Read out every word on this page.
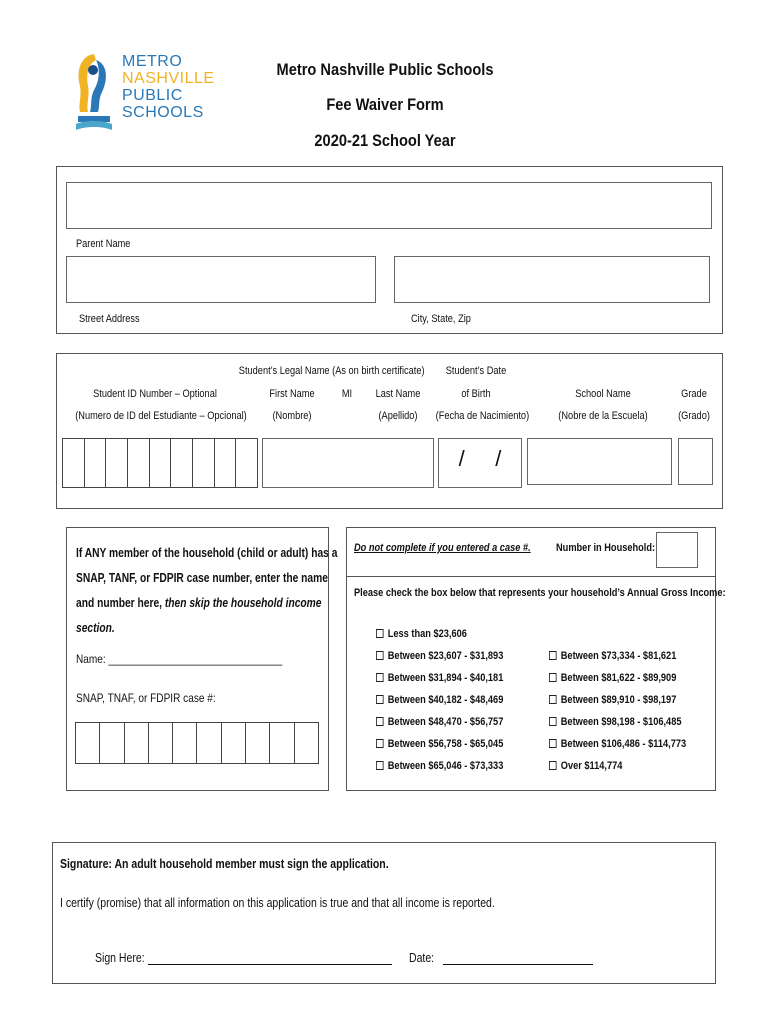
METRO
NASHVILLE
PUBLIC
SCHOOLS
Metro Nashville Public Schools
Fee Waiver Form
2020-21 School Year
Parent Name
Street Address	City, State, Zip
Student’s Legal Name (As on birth certificate)	Student’s Date
Student ID Number – Optional
(Numero de ID del Estudiante – Opcional)
First Name
(Nombre)
MI	Last Name
(Apellido)
of Birth
(Fecha de Nacimiento)
School Name
(Nobre de la Escuela)
Grade
(Grado)
/     /
If ANY member of the household (child or adult) has a
SNAP, TANF, or FDPIR case number, enter the name
and number here, then skip the household income
section.
Name: _______________________________
SNAP, TNAF, or FDPIR case #:
Do not complete if you entered a case #. Number in Household:
Please check the box below that represents your household’s Annual Gross Income:
Less than $23,606
Between $23,607 - $31,893
Between $31,894 - $40,181
Between $40,182 - $48,469
Between $48,470 - $56,757
Between $56,758 - $65,045
Between $65,046 - $73,333
Between $73,334 - $81,621
Between $81,622 - $89,909
Between $89,910 - $98,197
Between $98,198 - $106,485
Between $106,486 - $114,773
Over $114,774
Signature: An adult household member must sign the application.
I certify (promise) that all information on this application is true and that all income is reported.
Sign Here:	Date:
